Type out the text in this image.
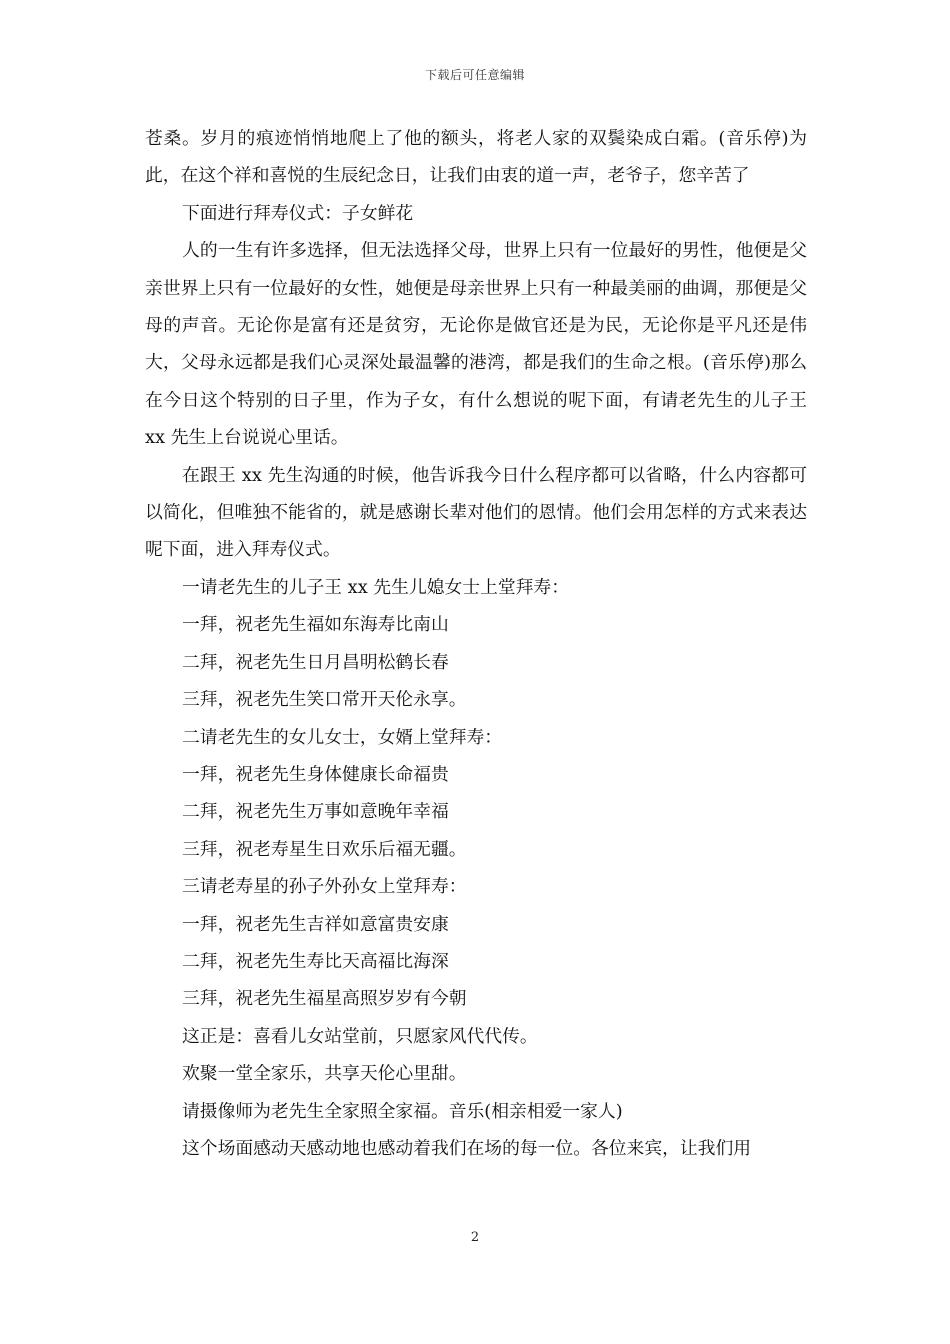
下载后可任意编辑

苍桑。岁月的痕迹悄悄地爬上了他的额头，将老人家的双鬓染成白霜。(音乐停)为此，在这个祥和喜悦的生辰纪念日，让我们由衷的道一声，老爷子，您辛苦了

下面进行拜寿仪式：子女鲜花

人的一生有许多选择，但无法选择父母，世界上只有一位最好的男性，他便是父亲世界上只有一位最好的女性，她便是母亲世界上只有一种最美丽的曲调，那便是父母的声音。无论你是富有还是贫穷，无论你是做官还是为民，无论你是平凡还是伟大，父母永远都是我们心灵深处最温馨的港湾，都是我们的生命之根。(音乐停)那么在今日这个特别的日子里，作为子女，有什么想说的呢下面，有请老先生的儿子王 xx 先生上台说说心里话。

在跟王 xx 先生沟通的时候，他告诉我今日什么程序都可以省略，什么内容都可以简化，但唯独不能省的，就是感谢长辈对他们的恩情。他们会用怎样的方式来表达呢下面，进入拜寿仪式。

一请老先生的儿子王 xx 先生儿媳女士上堂拜寿：

一拜，祝老先生福如东海寿比南山

二拜，祝老先生日月昌明松鹤长春

三拜，祝老先生笑口常开天伦永享。

二请老先生的女儿女士，女婿上堂拜寿：

一拜，祝老先生身体健康长命福贵

二拜，祝老先生万事如意晚年幸福

三拜，祝老寿星生日欢乐后福无疆。

三请老寿星的孙子外孙女上堂拜寿：

一拜，祝老先生吉祥如意富贵安康

二拜，祝老先生寿比天高福比海深

三拜，祝老先生福星高照岁岁有今朝

这正是：喜看儿女站堂前，只愿家风代代传。

欢聚一堂全家乐，共享天伦心里甜。

请摄像师为老先生全家照全家福。音乐(相亲相爱一家人)

这个场面感动天感动地也感动着我们在场的每一位。各位来宾，让我们用

2
